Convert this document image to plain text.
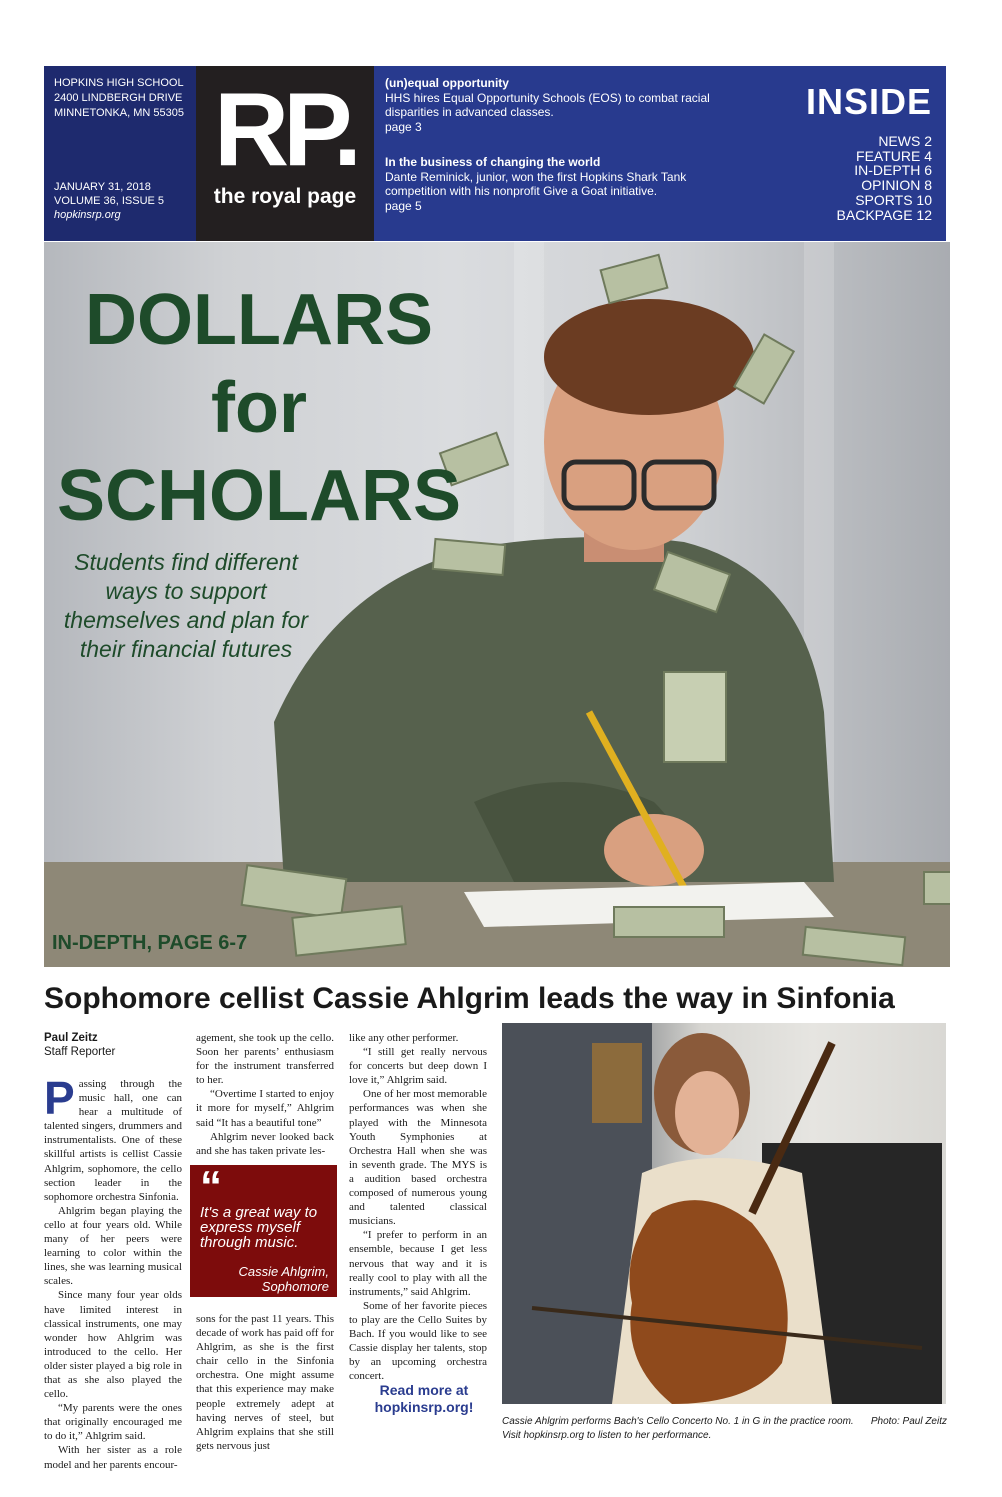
HOPKINS HIGH SCHOOL
2400 LINDBERGH DRIVE
MINNETONKA, MN 55305
JANUARY 31, 2018
VOLUME 36, ISSUE 5
hopkinsrp.org
RP.
the royal page
(un)equal opportunity
HHS hires Equal Opportunity Schools (EOS) to combat racial disparities in advanced classes.
page 3
In the business of changing the world
Dante Reminick, junior, won the first Hopkins Shark Tank competition with his nonprofit Give a Goat initiative.
page 5
INSIDE
NEWS 2
FEATURE 4
IN-DEPTH 6
OPINION 8
SPORTS 10
BACKPAGE 12
DOLLARS
for
SCHOLARS
Students find different ways to support themselves and plan for their financial futures
IN-DEPTH, PAGE 6-7
Sophomore cellist Cassie Ahlgrim leads the way in Sinfonia
Paul Zeitz
Staff Reporter

Passing through the music hall, one can hear a multitude of talented singers, drummers and instrumentalists. One of these skillful artists is cellist Cassie Ahlgrim, sophomore, the cello section leader in the sophomore orchestra Sinfonia.

Ahlgrim began playing the cello at four years old. While many of her peers were learning to color within the lines, she was learning musical scales.

Since many four year olds have limited interest in classical instruments, one may wonder how Ahlgrim was introduced to the cello. Her older sister played a big role in that as she also played the cello.

“My parents were the ones that originally encouraged me to do it,” Ahlgrim said.

With her sister as a role model and her parents encour-

agement, she took up the cello. Soon her parents’ enthusiasm for the instrument transferred to her.

“Overtime I started to enjoy it more for myself,” Ahlgrim said “It has a beautiful tone”

Ahlgrim never looked back and she has taken private les-

sons for the past 11 years. This decade of work has paid off for Ahlgrim, as she is the first chair cello in the Sinfonia orchestra. One might assume that this experience may make people extremely adept at having nerves of steel, but Ahlgrim explains that she still gets nervous just

“
It's a great way to express myself through music.
Cassie Ahlgrim,
Sophomore

like any other performer.

“I still get really nervous for concerts but deep down I love it,” Ahlgrim said.

One of her most memorable performances was when she played with the Minnesota Youth Symphonies at Orchestra Hall when she was in seventh grade. The MYS is a audition based orchestra composed of numerous young and talented classical musicians.

“I prefer to perform in an ensemble, because I get less nervous that way and it is really cool to play with all the instruments,” said Ahlgrim.

Some of her favorite pieces to play are the Cello Suites by Bach. If you would like to see Cassie display her talents, stop by an upcoming orchestra concert.

Read more at
hopkinsrp.org!
Cassie Ahlgrim performs Bach's Cello Concerto No. 1 in G in the practice room. Visit hopkinsrp.org to listen to her performance.
Photo: Paul Zeitz
